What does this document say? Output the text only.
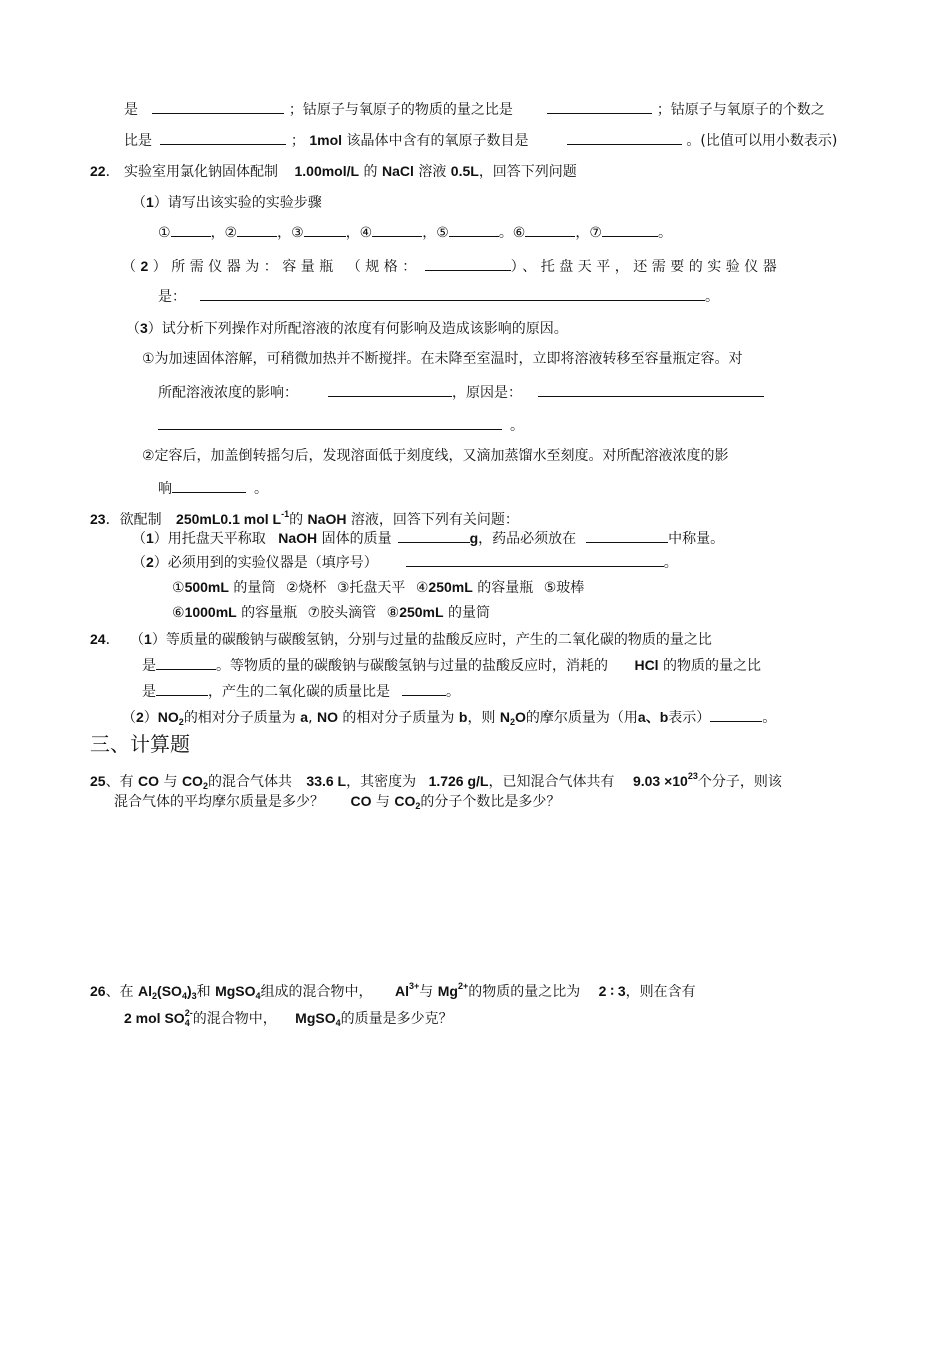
是	；钴原子与氧原子的物质的量之比是	；钴原子与氧原子的个数之
比是	； 1mol 该晶体中含有的氧原子数目是	。(比值可以用小数表示)
22． 实验室用氯化钠固体配制 1.00mol/L 的 NaCl 溶液 0.5L，回答下列问题
（1）请写出该实验的实验步骤
①	，②	，③	，④	，⑤	。⑥	，⑦	。
（2）所需仪器为：容量瓶 （规格：	）、托盘天平，还需要的实验仪器
是：	。
（3）试分析下列操作对所配溶液的浓度有何影响及造成该影响的原因。
①为加速固体溶解，可稍微加热并不断搅拌。在未降至室温时，立即将溶液转移至容量瓶定容。对
所配溶液浓度的影响：	，原因是：
。
②定容后，加盖倒转摇匀后，发现溶面低于刻度线，又滴加蒸馏水至刻度。对所配溶液浓度的影
响	。
23．欲配制 250mL0.1 mol $L^{-1}$的 NaOH 溶液，回答下列有关问题：
（1）用托盘天平称取 NaOH 固体的质量	g，药品必须放在	中称量。
（2）必须用到的实验仪器是（填序号）	。
①500mL 的量筒 ②烧杯 ③托盘天平 ④250mL 的容量瓶 ⑤玻棒
⑥1000mL 的容量瓶 ⑦胶头滴管 ⑧250mL 的量筒
24． （1）等质量的碳酸钠与碳酸氢钠，分别与过量的盐酸反应时，产生的二氧化碳的物质的量之比
是	。等物质的量的碳酸钠与碳酸氢钠与过量的盐酸反应时，消耗的 HCl 的物质的量之比
是	，产生的二氧化碳的质量比是	。
$(2)NO_2$的相对分子质量为 a, NO 的相对分子质量为 b，则 $N_2O$的摩尔质量为（用a、b表示）	。
三、计算题
25、有 CO 与 $CO_2$的混合气体共 33.6 L，其密度为 1.726 g/L，已知混合气体共有 $9.03 \times 10^{23}$个分子，则该
混合气体的平均摩尔质量是多少？ CO 与 $CO_2$的分子个数比是多少？
26、在 $Al_2(SO_4)_3$和 MgSO$_4$组成的混合物中， $Al^{3+}$与 $Mg^{2+}$的物质的量之比为 2 ∶ 3，则在含有
2 mol $SO_4^{2-}$的混合物中， MgSO$_4$的质量是多少克？
